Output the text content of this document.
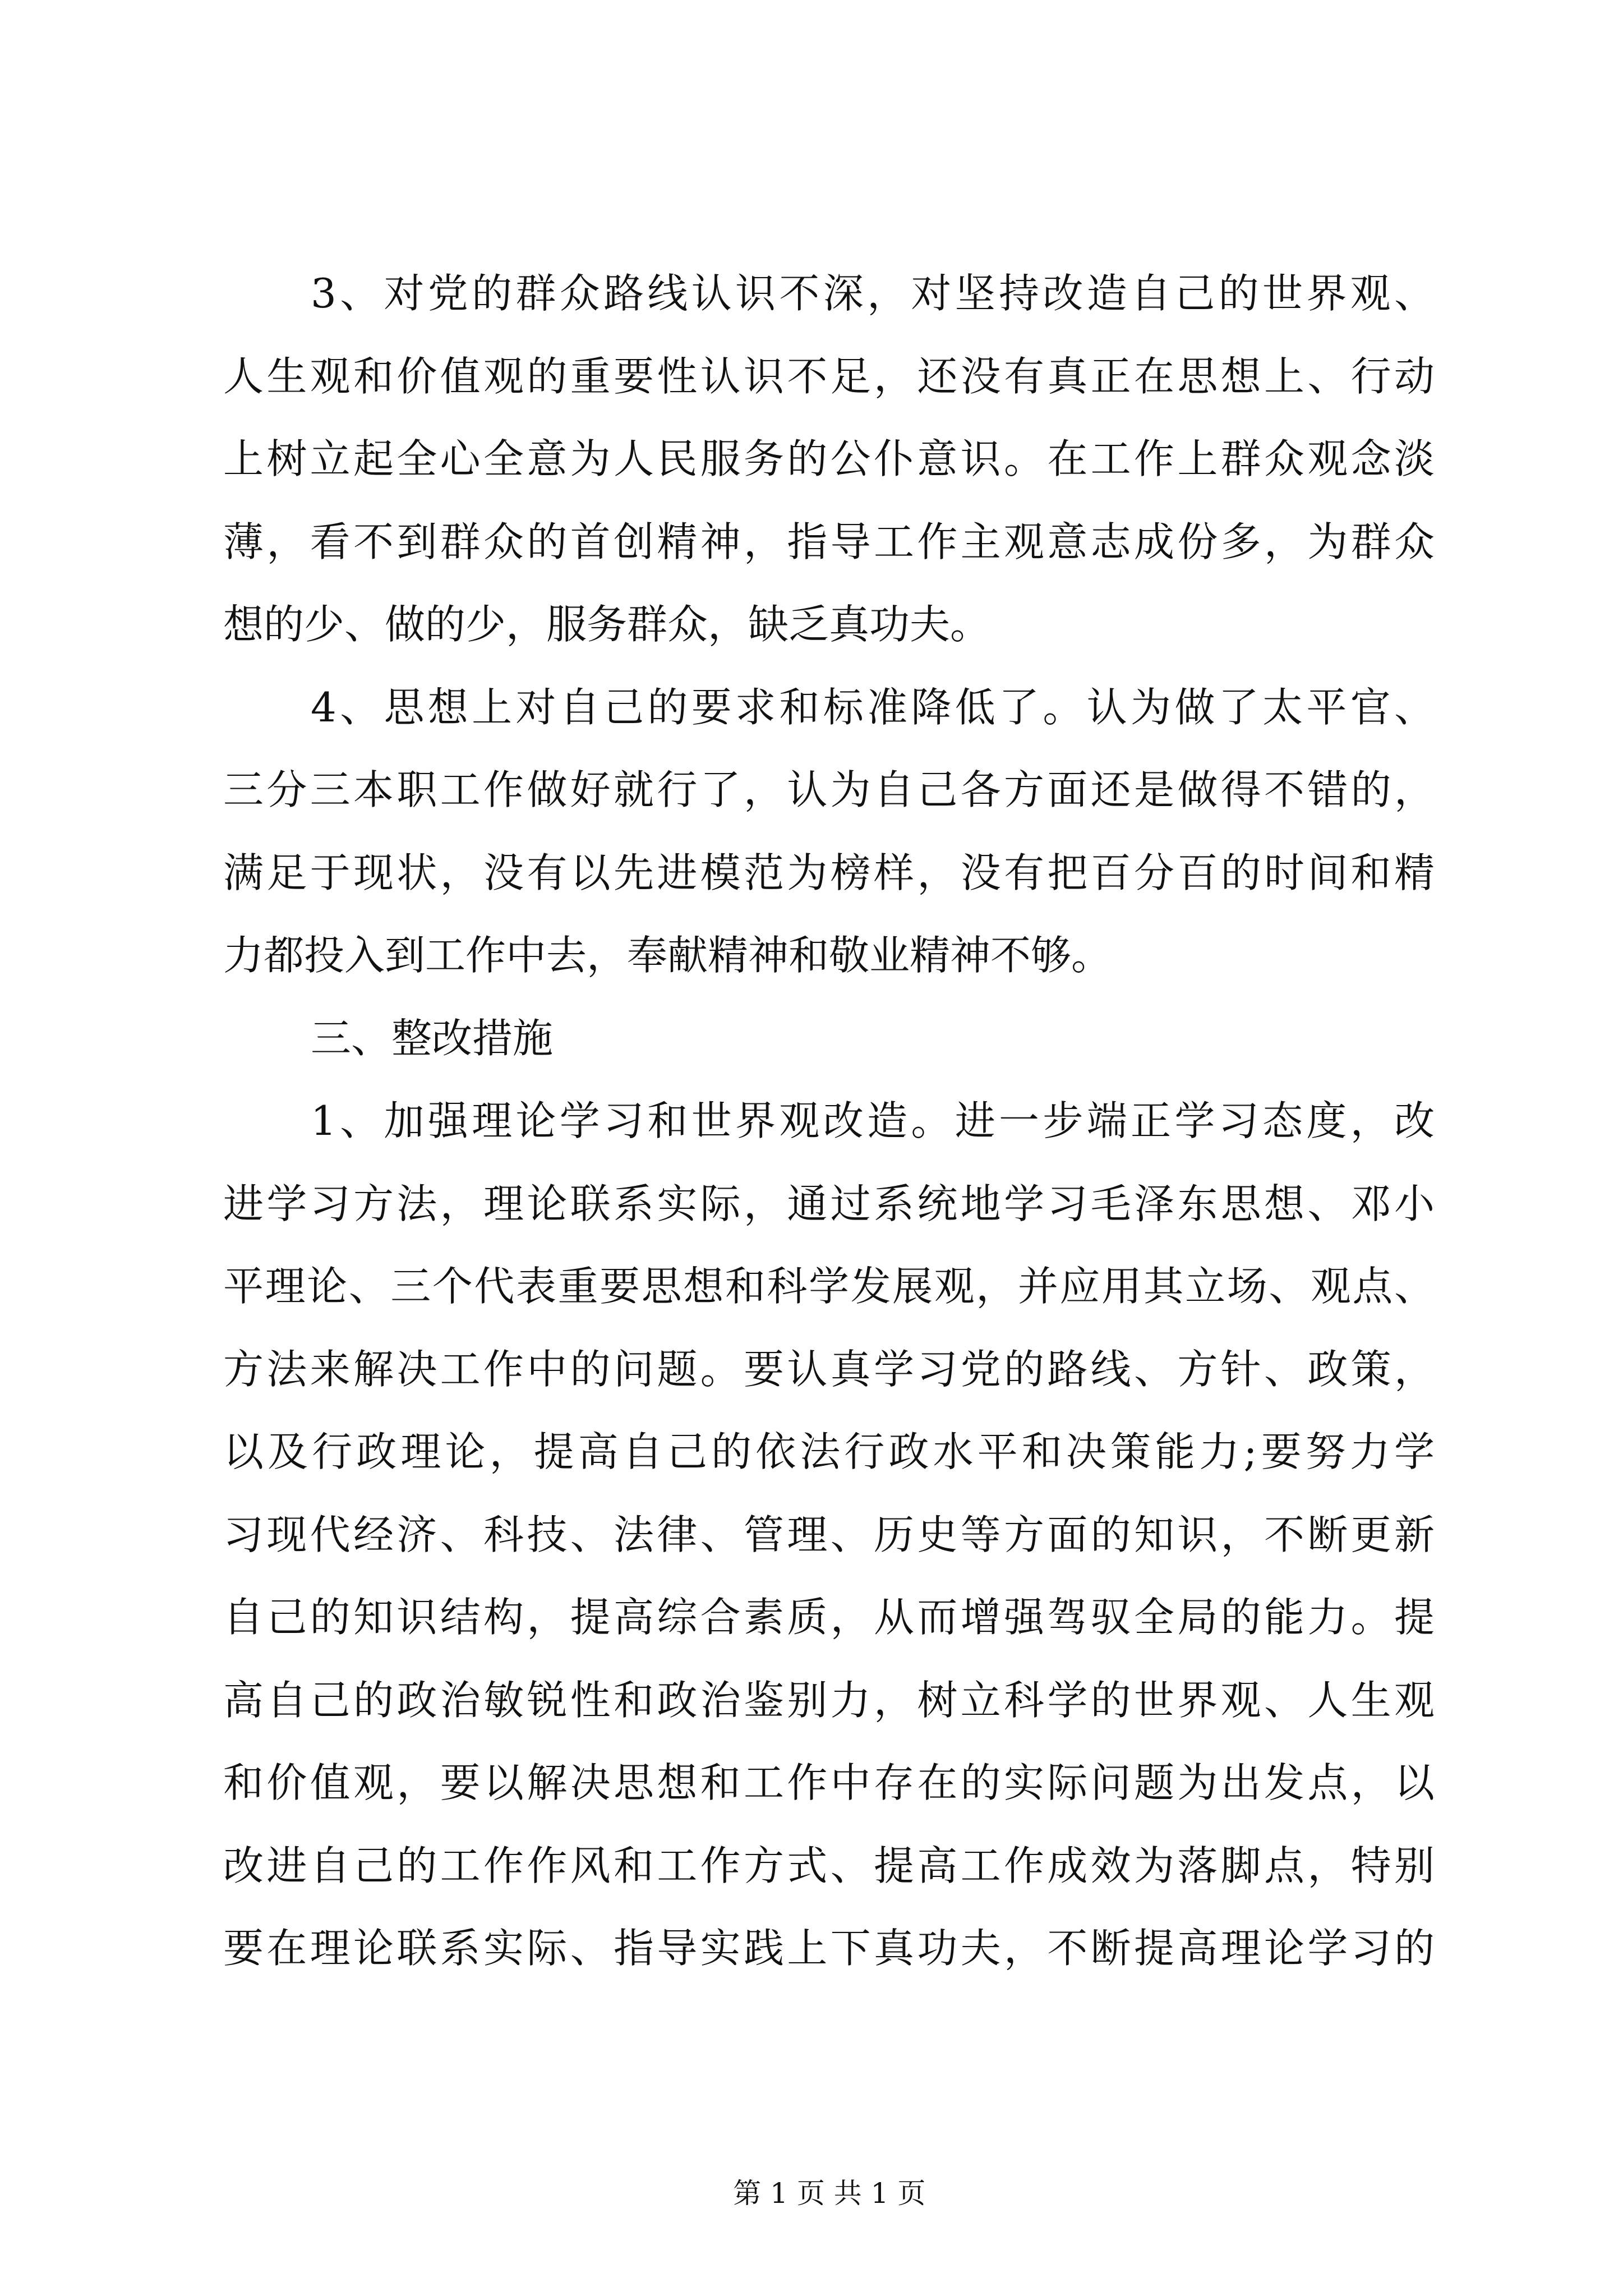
3、对党的群众路线认识不深，对坚持改造自己的世界观、
人生观和价值观的重要性认识不足，还没有真正在思想上、行动
上树立起全心全意为人民服务的公仆意识。在工作上群众观念淡
薄，看不到群众的首创精神，指导工作主观意志成份多，为群众
想的少、做的少，服务群众，缺乏真功夫。
4、思想上对自己的要求和标准降低了。认为做了太平官、
三分三本职工作做好就行了，认为自己各方面还是做得不错的，
满足于现状，没有以先进模范为榜样，没有把百分百的时间和精
力都投入到工作中去，奉献精神和敬业精神不够。
三、整改措施
1、加强理论学习和世界观改造。进一步端正学习态度，改
进学习方法，理论联系实际，通过系统地学习毛泽东思想、邓小
平理论、三个代表重要思想和科学发展观，并应用其立场、观点、
方法来解决工作中的问题。要认真学习党的路线、方针、政策，
以及行政理论，提高自己的依法行政水平和决策能力;要努力学
习现代经济、科技、法律、管理、历史等方面的知识，不断更新
自己的知识结构，提高综合素质，从而增强驾驭全局的能力。提
高自己的政治敏锐性和政治鉴别力，树立科学的世界观、人生观
和价值观，要以解决思想和工作中存在的实际问题为出发点，以
改进自己的工作作风和工作方式、提高工作成效为落脚点，特别
要在理论联系实际、指导实践上下真功夫，不断提高理论学习的

第 1 页 共 1 页
